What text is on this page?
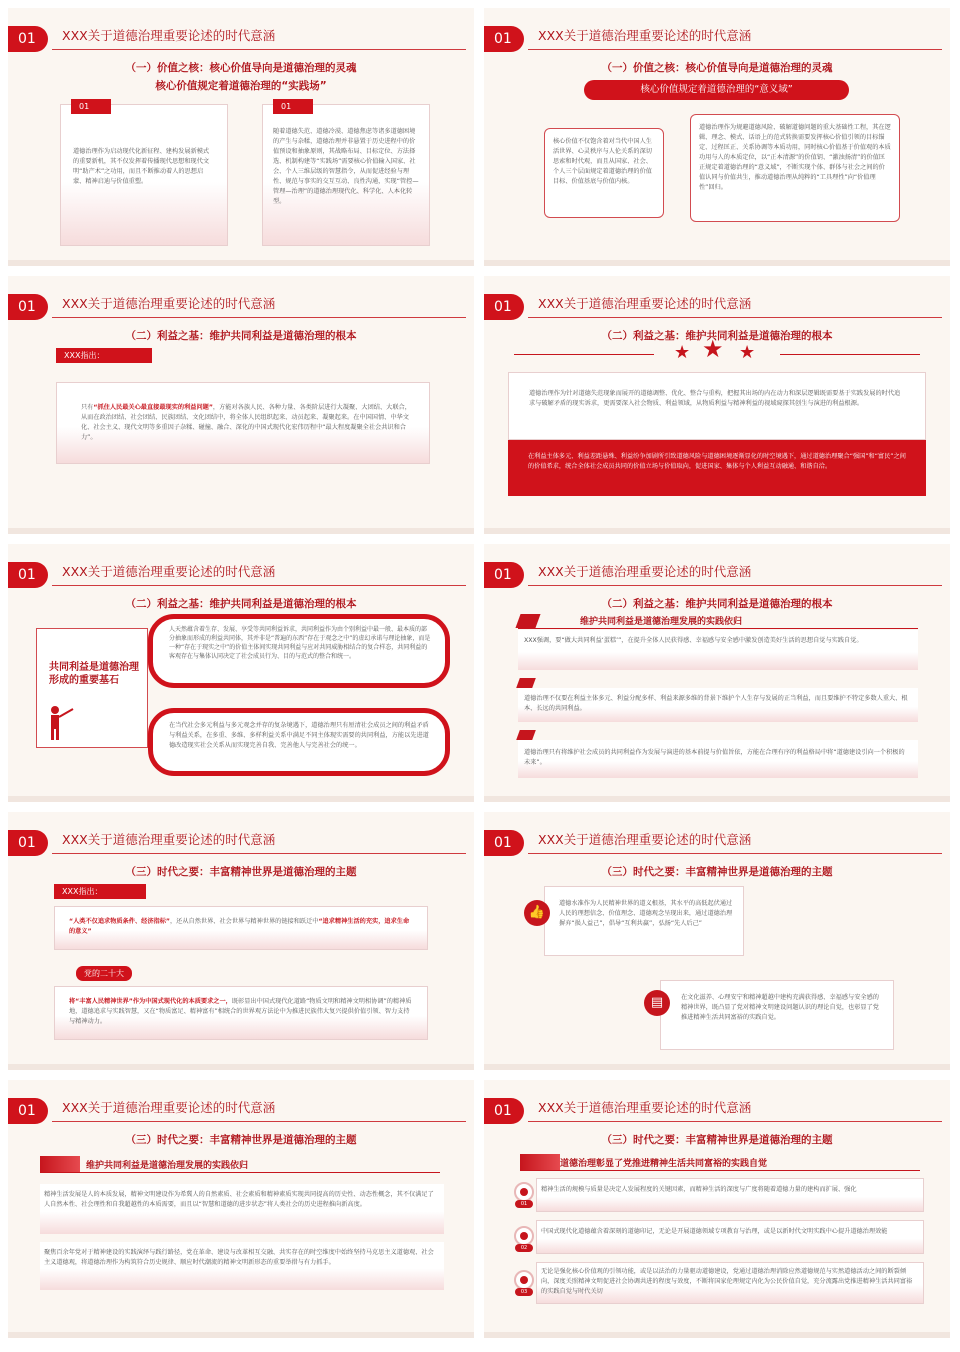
01	XXX关于道德治理重要论述的时代意涵
（一）价值之核：核心价值导向是道德治理的灵魂
核心价值规定着道德治理的“实践场”
01
道德治理作为启动现代化新征程、建构发展新模式的重要新机，其不仅发挥着传播现代思想和现代文明“助产术”之功用，而且不断推动着人的思想启蒙、精神启迪与价值重塑。
01
随着道德失范、道德冷漠、道德焦虑等诸多道德困境的产生与杂糅，道德治理并非悬置于历史进程中的价值预设和抽象原则，其战略布局、目标定位、方法择选、机制构建等“实践场”需要核心价值输入国家、社会、个人三维层级的智慧指令，从而促进经验与理性、规范与事实的交互互动、良性沟通，实现“管控—管理—治理”的道德治理现代化、科学化、人本化转型。
01	XXX关于道德治理重要论述的时代意涵
（一）价值之核：核心价值导向是道德治理的灵魂
核心价值规定着道德治理的“意义域”
核心价值不仅饱含着对当代中国人生活世界、心灵秩序与人伦关系的深切思索和时代观，而且从国家、社会、个人三个层面规定着道德治理的价值目标、价值基底与价值内核。
道德治理作为规避道德风险、破解道德问题的重大基础性工程，其在逻辑、理念、模式、话语上的范式转换需要发挥核心价值引领的目标锚定、过程匡正、关系协调等本质功用，同时核心价值基于价值观的本质功用与人的本质定位，以“正本清源”的价值钥、“激浊扬清”的价值匡正规定着道德治理的“意义域”，不断实现个体、群体与社会之间的价值认同与价值共生，推动道德治理从纯粹的“工具理性”向“价值理性”回归。
01	XXX关于道德治理重要论述的时代意涵
（二）利益之基：维护共同利益是道德治理的根本
XXX指出：
只有“抓住人民最关心最直接最现实的利益问题”，方能对各族人民、各种力量、各类阶层进行大凝聚、大团结、大联合，从而在政治团结、社会团结、民族团结、文化团结中，将全体人民组织起来、动员起来、凝聚起来。在中国国情、中华文化、社会主义、现代文明等多重因子杂糅、碰撞、融合、深化的中国式现代化宏伟历程中“最大程度凝聚全社会共识和合力”。
01	XXX关于道德治理重要论述的时代意涵
（二）利益之基：维护共同利益是道德治理的根本
★ ★ ★
道德治理作为针对道德失范现象而展开的道德调整、优化、整合与重构，把握其出场的内在动力和深层逻辑既需要基于实践发展的时代追求与破解矛盾的现实诉求，更需要深入社会物质、利益领域，从物质利益与精神利益的视域窥探其创生与演进的利益根源。
在利益主体多元、利益差距悬殊、利益纷争加剧所引致道德风险与道德困境逐渐显化的时空境遇下，通过道德治理聚合“强国”和“富民”之间的价值希求，统合全体社会成员共同的价值立场与价值取向，促进国家、集体与个人利益互动融通、和谐自洽。
01	XXX关于道德治理重要论述的时代意涵
（二）利益之基：维护共同利益是道德治理的根本
共同利益是道德治理形成的重要基石
人天然蕴含着生存、发展、享受等共同利益诉求，共同利益作为由个别利益中最一般、最本质的部分抽象而形成的利益共同体，其并非是“普遍的东西”存在于观念之中”的虚幻承诺与理论抽象，而是一种“存在于现实之中”的价值主体间实现共同利益与应对共同威胁相结合的复合样态，共同利益的客观存在与集体认同决定了社会成员行为、目的与范式的整合和统一。
在当代社会多元利益与多元观念并存的复杂境遇下，道德治理只有厘清社会成员之间的利益矛盾与利益关系，在多重、多维、多样利益关系中满足不同主体现实需要的共同利益，方能以先进道德改造现实社会关系从而实现完善自我、完善他人与完善社会的统一。
01	XXX关于道德治理重要论述的时代意涵
（二）利益之基：维护共同利益是道德治理的根本
维护共同利益是道德治理发展的实践依归
XXX强调，要“做大共同利益‘蛋糕’”，在提升全体人民获得感、幸福感与安全感中激发创造美好生活的思想自觉与实践自觉。
道德治理不仅要在利益主体多元、利益分配多样、利益来源多维的背景下维护个人生存与发展的正当利益，而且要维护不特定多数人重大、根本、长远的共同利益。
道德治理只有将维护社会成员的共同利益作为发展与演进的基本前提与价值旨依，方能在合理有序的利益格局中将“道德建设引向一个积极的未来”。
01	XXX关于道德治理重要论述的时代意涵
（三）时代之要：丰富精神世界是道德治理的主题
XXX指出：
“人类不仅追求物质条件、经济指标”，还从自然世界、社会世界与精神世界的链接和跃迁中“追求精神生活的充实，追求生命的意义”
党的二十大
将“丰富人民精神世界”作为中国式现代化的本质要求之一，既彰显出中国式现代化道路“物质文明和精神文明相协调”的精神质地，道德追求与实践智慧，又在“物质富足、精神富有”相统合的世界观方法论中为推进民族伟大复兴提供价值引领、智力支持与精神动力。
01	XXX关于道德治理重要论述的时代意涵
（三）时代之要：丰富精神世界是道德治理的主题
道德水准作为人民精神世界的道义根基，其水平的高低起伏通过人民的理想信念、价值理念、道德观念呈现出来，通过道德治理摒弃“损人益己”，倡导“互利共赢”，弘扬“先人后己”
👍
在文化滋养、心理安宁和精神超越中建构充满获得感、幸福感与安全感的精神世界，既凸显了党对精神文明建设问题认识的理论自觉，也彰显了党推进精神生活共同富裕的实践自觉。
▤
01	XXX关于道德治理重要论述的时代意涵
（三）时代之要：丰富精神世界是道德治理的主题
维护共同利益是道德治理发展的实践依归
精神生活发展是人的本质发展，精神文明建设作为希冀人的自然素质、社会素质和精神素质实现共同提高的历史性、动态性概念，其不仅满足了人自然本性、社会理性和自我超越性的本质需要，而且以“智慧和道德的进步状态”将人类社会的历史进程推向新高度。
聚焦百余年党对于精神建设的实践演绎与践行路径，党在革命、建设与改革相互交融、共实存在的时空维度中始终坚持马克思主义道德观、社会主义道德观，将道德治理作为构筑符合历史规律、顺应时代潮流的精神文明新形态的重要举措与有力抓手。
01	XXX关于道德治理重要论述的时代意涵
（三）时代之要：丰富精神世界是道德治理的主题
道德治理彰显了党推进精神生活共同富裕的实践自觉
01
精神生活的规模与质量是决定人发展程度的关键因素，而精神生活的深度与广度将随着道德力量的建构而扩展、强化
02
中国式现代化道德蕴含着深刻的道德印记，无论是开展道德领域专项教育与治理，或是以新时代文明实践中心提升道德治理效能
03
无论是强化核心价值观的引领功能，或是以法治的力量驱动道德建设，党通过道德治理消除应然道德规范与实然道德活动之间的断裂倾向，深度关照精神文明促进社会协调共进的程度与效度，不断将国家伦理规定内化为公民价值自觉，充分流露出党推进精神生活共同富裕的实践自觉与时代关切
